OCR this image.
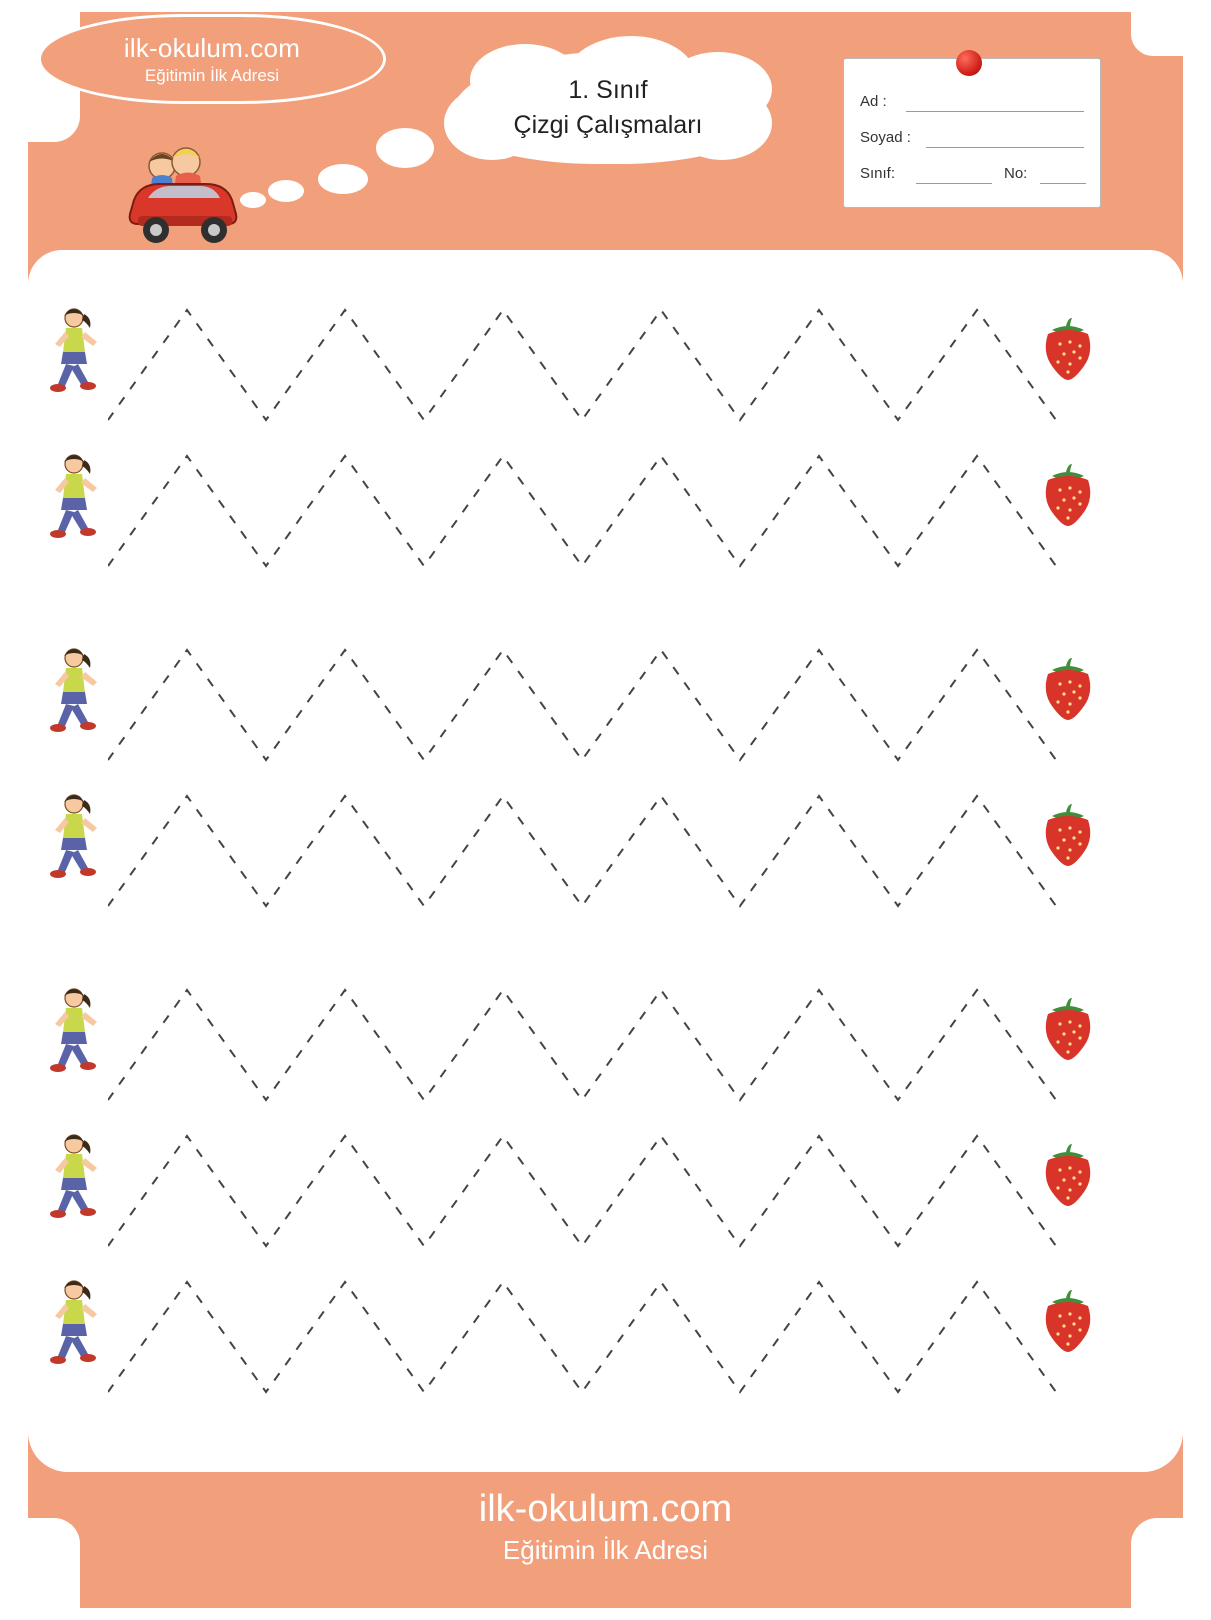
ilk-okulum.com
Eğitimin İlk Adresi
1. Sınıf
Çizgi Çalışmaları
Ad :
Soyad :
Sınıf:	No:
ilk-okulum.com
Eğitimin İlk Adresi
